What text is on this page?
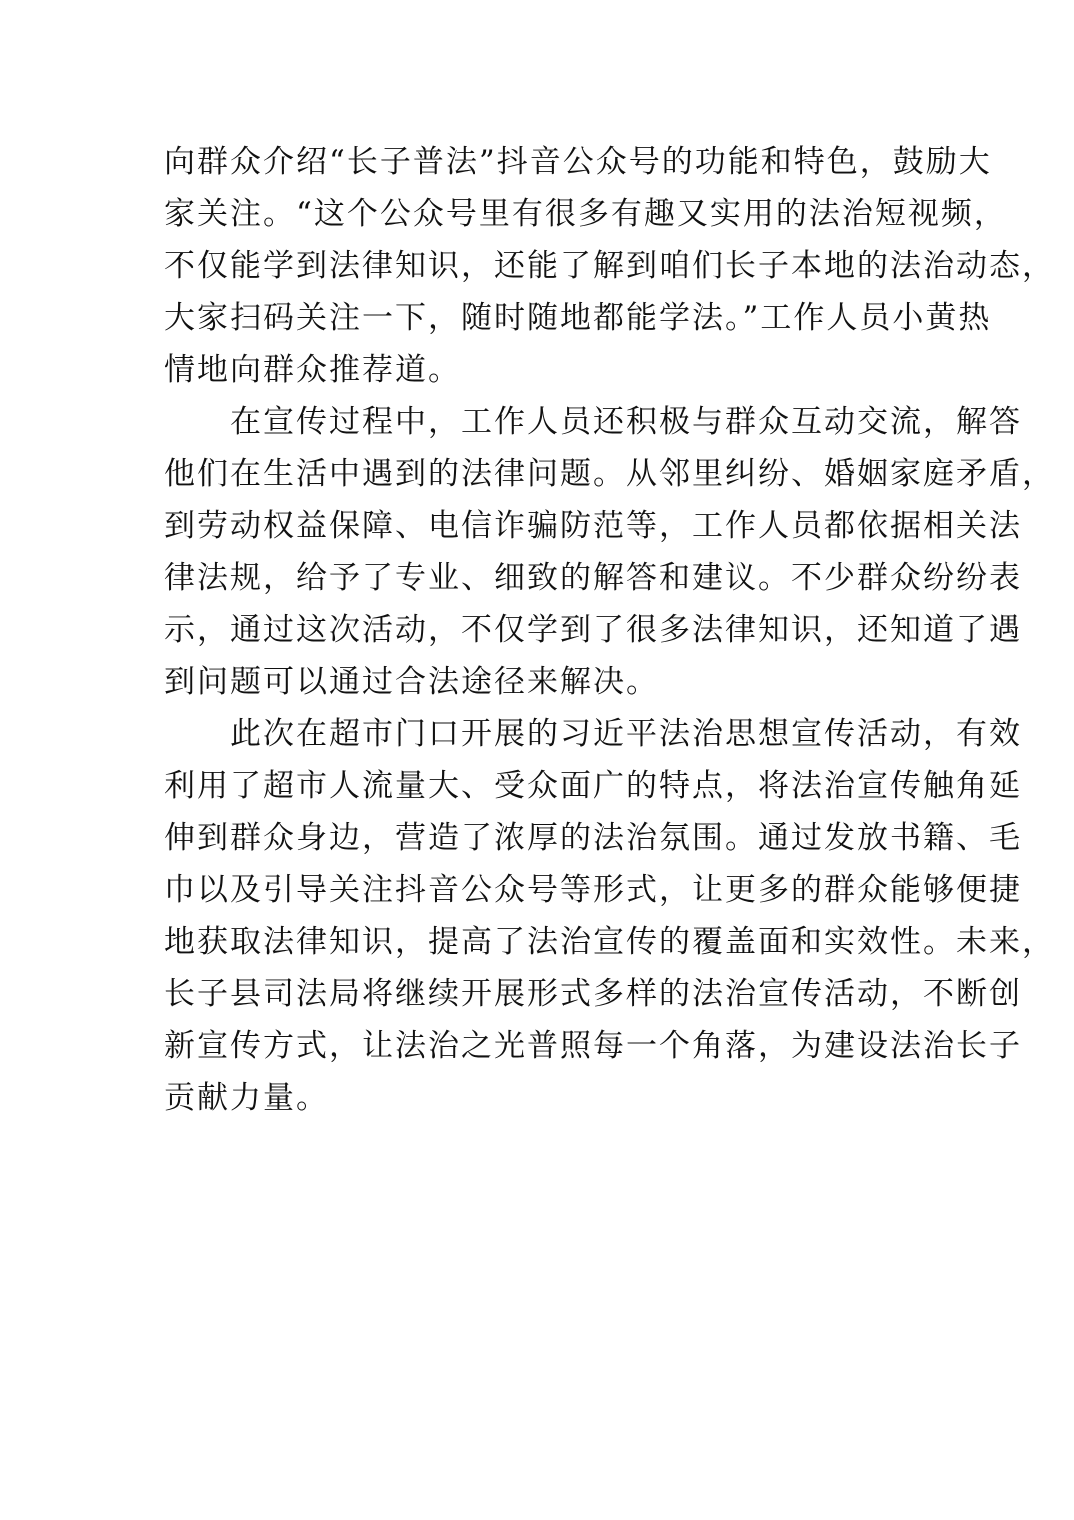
向群众介绍“长子普法”抖音公众号的功能和特色，鼓励大
家关注。“这个公众号里有很多有趣又实用的法治短视频，
不仅能学到法律知识，还能了解到咱们长子本地的法治动态，
大家扫码关注一下，随时随地都能学法。”工作人员小黄热
情地向群众推荐道。

　　在宣传过程中，工作人员还积极与群众互动交流，解答
他们在生活中遇到的法律问题。从邻里纠纷、婚姻家庭矛盾，
到劳动权益保障、电信诈骗防范等，工作人员都依据相关法
律法规，给予了专业、细致的解答和建议。不少群众纷纷表
示，通过这次活动，不仅学到了很多法律知识，还知道了遇
到问题可以通过合法途径来解决。

　　此次在超市门口开展的习近平法治思想宣传活动，有效
利用了超市人流量大、受众面广的特点，将法治宣传触角延
伸到群众身边，营造了浓厚的法治氛围。通过发放书籍、毛
巾以及引导关注抖音公众号等形式，让更多的群众能够便捷
地获取法律知识，提高了法治宣传的覆盖面和实效性。未来，
长子县司法局将继续开展形式多样的法治宣传活动，不断创
新宣传方式，让法治之光普照每一个角落，为建设法治长子
贡献力量。
